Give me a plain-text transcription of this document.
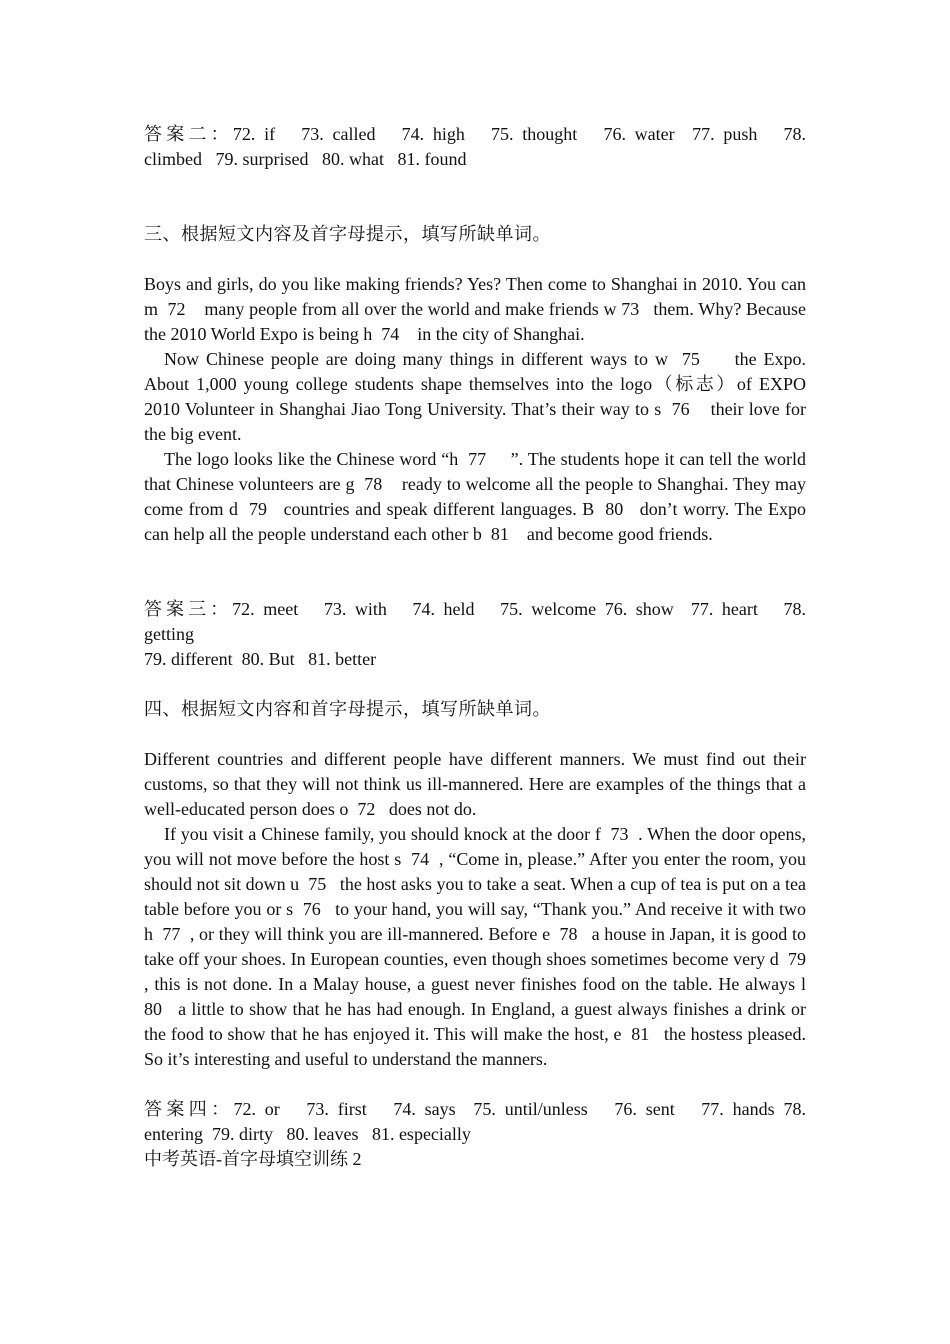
答案二：72. if   73. called   74. high   75. thought   76. water  77. push   78.

climbed   79. surprised   80. what   81. found

三、根据短文内容及首字母提示，填写所缺单词。

Boys and girls, do you like making friends? Yes? Then come to Shanghai in 2010. You can m  72    many people from all over the world and make friends w 73   them. Why? Because the 2010 World Expo is being h  74    in the city of Shanghai.

Now Chinese people are doing many things in different ways to w  75     the Expo. About 1,000 young college students shape themselves into the logo（标志）of EXPO 2010 Volunteer in Shanghai Jiao Tong University. That’s their way to s  76    their love for the big event.

The logo looks like the Chinese word “h  77     ”. The students hope it can tell the world that Chinese volunteers are g  78    ready to welcome all the people to Shanghai. They may come from d  79   countries and speak different languages. B  80   don’t worry. The Expo can help all the people understand each other b  81    and become good friends.

答案三：72. meet   73. with   74. held   75. welcome 76. show  77. heart   78.

getting

79. different  80. But   81. better

四、根据短文内容和首字母提示，填写所缺单词。

Different countries and different people have different manners. We must find out their customs, so that they will not think us ill-mannered. Here are examples of the things that a well-educated person does o  72   does not do.

If you visit a Chinese family, you should knock at the door f  73  . When the door opens, you will not move before the host s  74  , “Come in, please.” After you enter the room, you should not sit down u  75   the host asks you to take a seat. When a cup of tea is put on a tea table before you or s  76   to your hand, you will say, “Thank you.” And receive it with two h  77  , or they will think you are ill-mannered. Before e  78   a house in Japan, it is good to take off your shoes. In European counties, even though shoes sometimes become very d  79  , this is not done. In a Malay house, a guest never finishes food on the table. He always l  80   a little to show that he has had enough. In England, a guest always finishes a drink or the food to show that he has enjoyed it. This will make the host, e  81   the hostess pleased. So it’s interesting and useful to understand the manners.

答案四：72. or   73. first   74. says  75. until/unless   76. sent   77. hands 78.

entering  79. dirty   80. leaves   81. especially

中考英语-首字母填空训练 2
